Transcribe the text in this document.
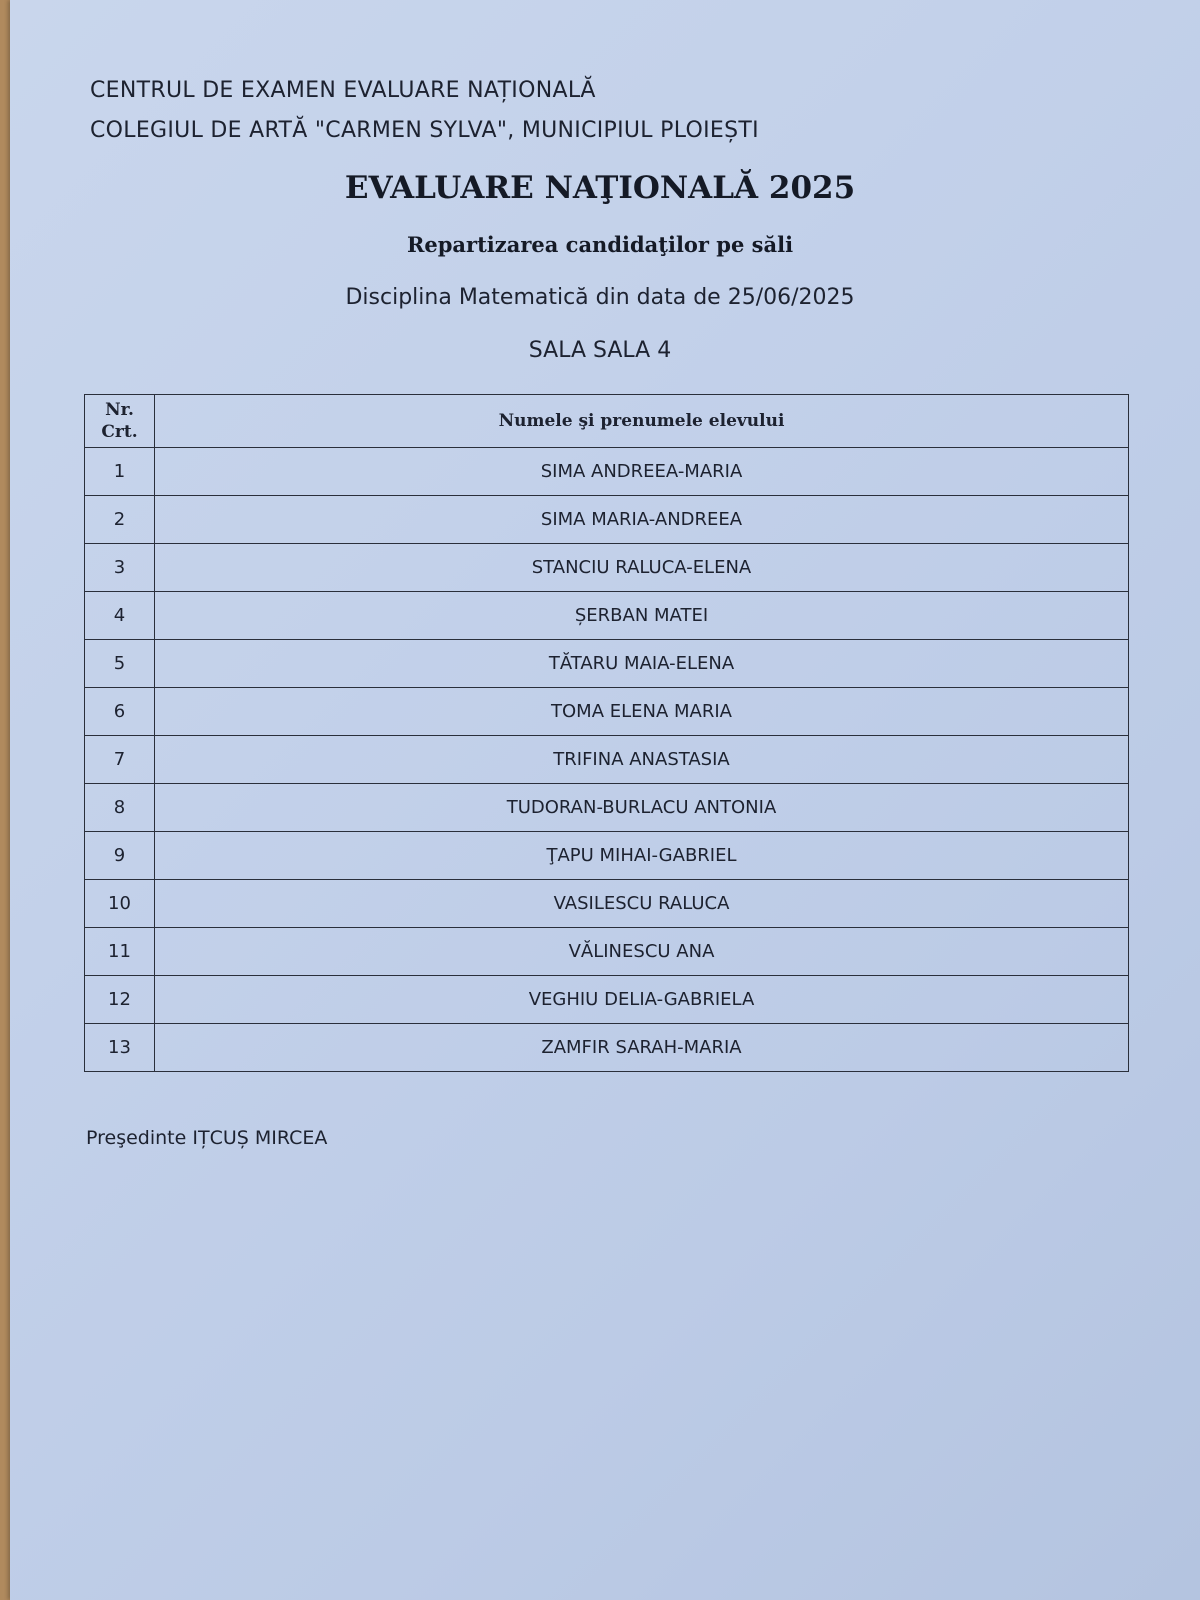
CENTRUL DE EXAMEN EVALUARE NAȚIONALĂ
COLEGIUL DE ARTĂ "CARMEN SYLVA", MUNICIPIUL PLOIEȘTI
EVALUARE NAŢIONALĂ 2025
Repartizarea candidaţilor pe săli
Disciplina Matematică din data de 25/06/2025
SALA SALA 4
Nr.
Crt.	Numele şi prenumele elevului
1	SIMA ANDREEA-MARIA
2	SIMA MARIA-ANDREEA
3	STANCIU RALUCA-ELENA
4	ȘERBAN MATEI
5	TĂTARU MAIA-ELENA
6	TOMA ELENA MARIA
7	TRIFINA ANASTASIA
8	TUDORAN-BURLACU ANTONIA
9	ŢAPU MIHAI-GABRIEL
10	VASILESCU RALUCA
11	VĂLINESCU ANA
12	VEGHIU DELIA-GABRIELA
13	ZAMFIR SARAH-MARIA
Preşedinte IȚCUȘ MIRCEA
